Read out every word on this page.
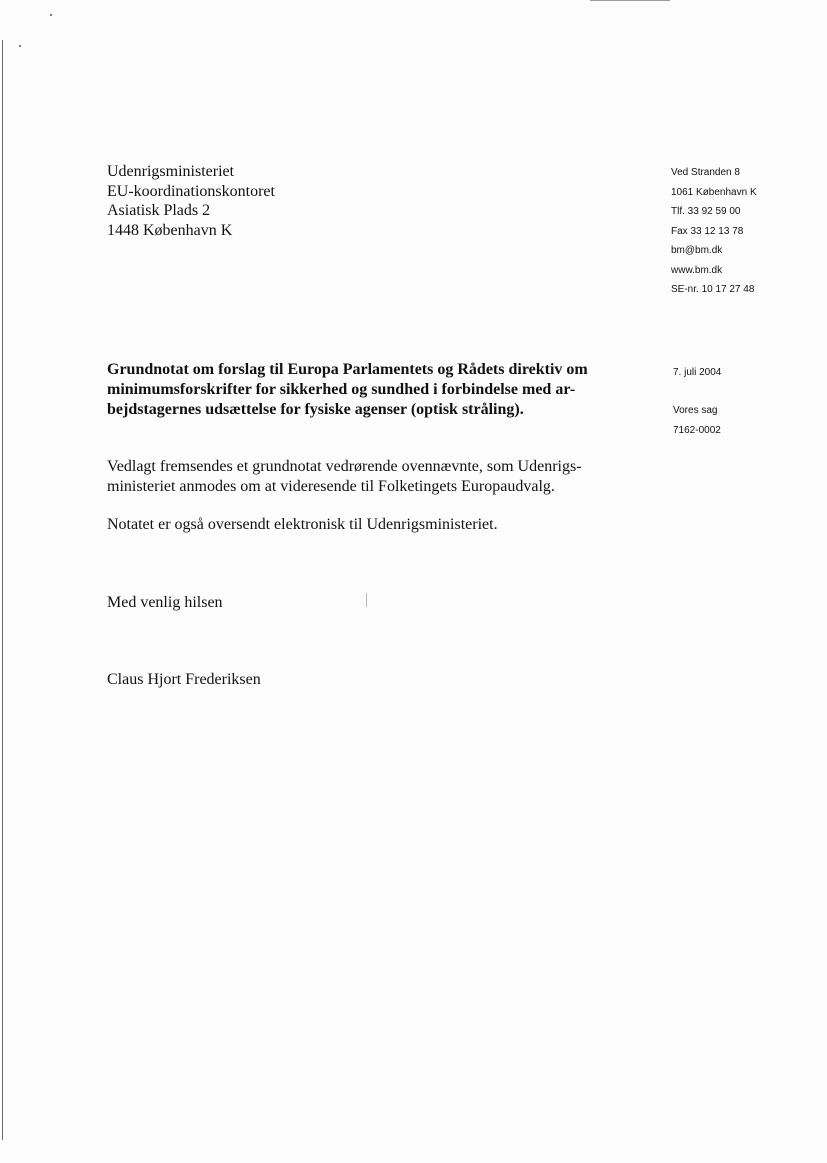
Udenrigsministeriet
EU-koordinationskontoret
Asiatisk Plads 2
1448 København K
Ved Stranden 8
1061 København K
Tlf. 33 92 59 00
Fax 33 12 13 78
bm@bm.dk
www.bm.dk
SE-nr. 10 17 27 48
Grundnotat om forslag til Europa Parlamentets og Rådets direktiv om
minimumsforskrifter for sikkerhed og sundhed i forbindelse med ar-
bejdstagernes udsættelse for fysiske agenser (optisk stråling).
7. juli 2004
Vores sag
7162-0002
Vedlagt fremsendes et grundnotat vedrørende ovennævnte, som Udenrigs-
ministeriet anmodes om at videresende til Folketingets Europaudvalg.
Notatet er også oversendt elektronisk til Udenrigsministeriet.
Med venlig hilsen
Claus Hjort Frederiksen
